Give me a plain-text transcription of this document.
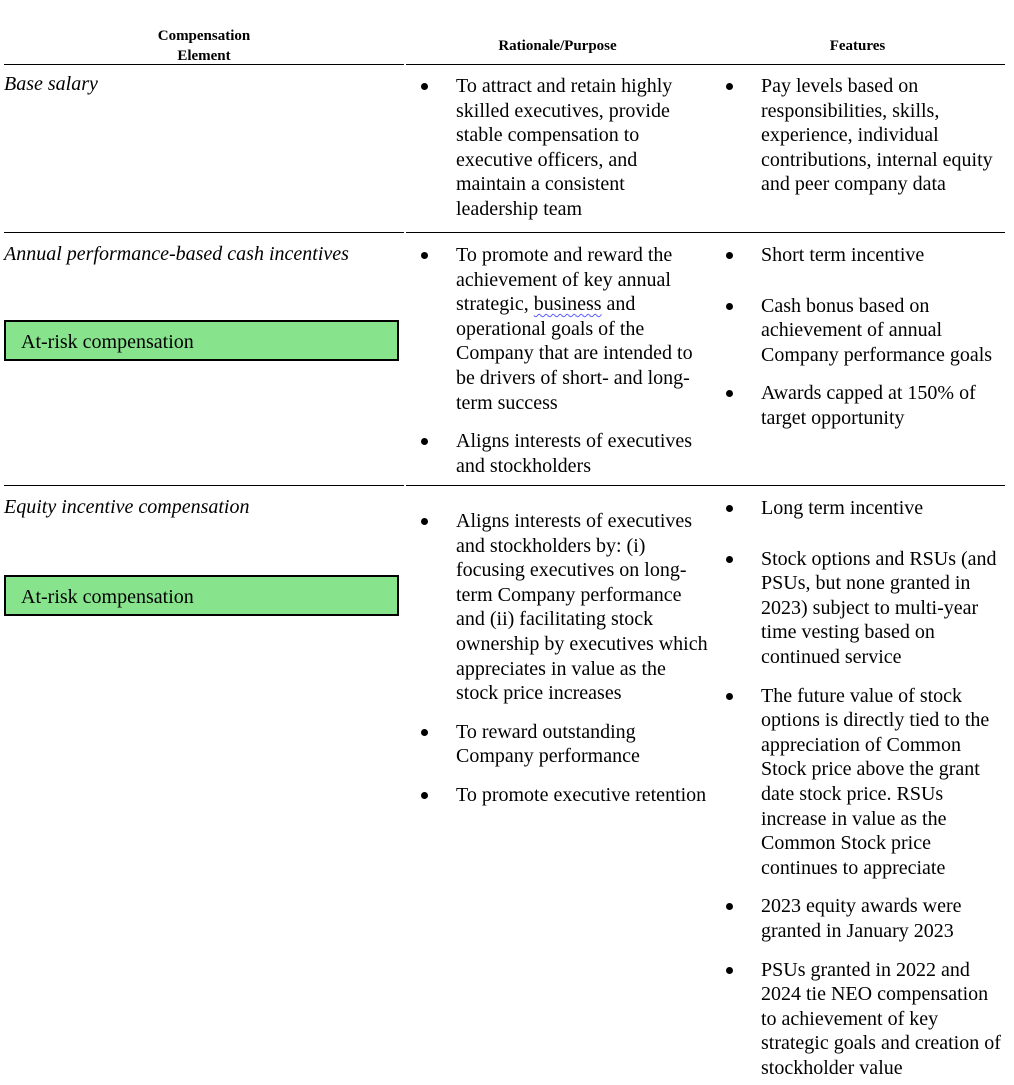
Compensation
Element
Rationale/Purpose	Features
Base salary	To attract and retain highly skilled executives, provide stable compensation to executive officers, and maintain a consistent leadership team
Pay levels based on responsibilities, skills, experience, individual contributions, internal equity and peer company data
Annual performance-based cash incentives
At-risk compensation
To promote and reward the achievement of key annual strategic, business and operational goals of the Company that are intended to be drivers of short- and long-term success
Aligns interests of executives and stockholders
Short term incentive
Cash bonus based on achievement of annual Company performance goals
Awards capped at 150% of target opportunity
Equity incentive compensation
At-risk compensation
Aligns interests of executives and stockholders by: (i) focusing executives on long-term Company performance and (ii) facilitating stock ownership by executives which appreciates in value as the stock price increases
To reward outstanding Company performance
To promote executive retention
Long term incentive
Stock options and RSUs (and PSUs, but none granted in 2023) subject to multi-year time vesting based on continued service
The future value of stock options is directly tied to the appreciation of Common Stock price above the grant date stock price. RSUs increase in value as the Common Stock price continues to appreciate
2023 equity awards were granted in January 2023
PSUs granted in 2022 and 2024 tie NEO compensation to achievement of key strategic goals and creation of stockholder value
